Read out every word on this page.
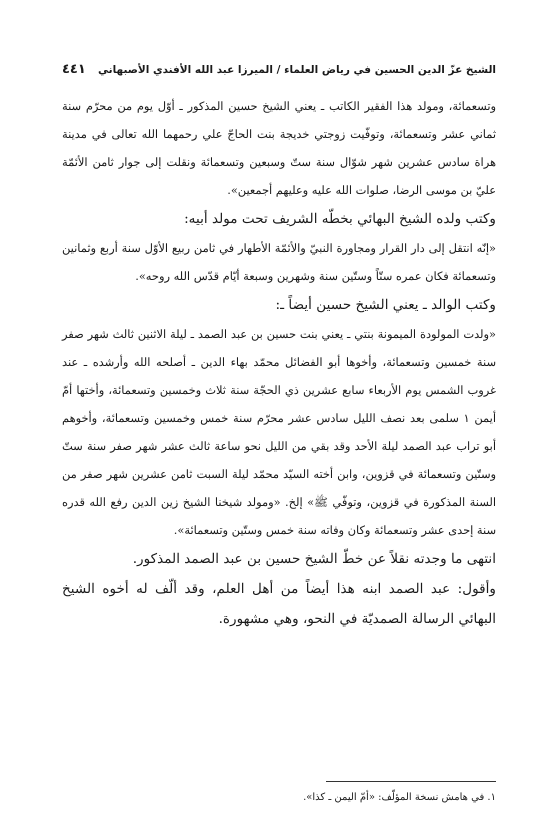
الشيخ عزّ الدين الحسين في رياض العلماء / الميرزا عبد الله الأفندي الأصبهاني
٤٤١

وتسعمائة، ومولد هذا الفقير الكاتب ـ يعني الشيخ حسين المذكور ـ أوّل يوم من محرّم سنة ثماني عشر وتسعمائة، وتوفّيت زوجتي خديجة بنت الحاجّ علي رحمهما الله تعالى في مدينة هراة سادس عشرين شهر شوّال سنة ستّ وسبعين وتسعمائة ونقلت إلى جوار ثامن الأئمّة عليّ بن موسى الرضا، صلوات الله عليه وعليهم أجمعين».

وكتب ولده الشيخ البهائي بخطّه الشريف تحت مولد أبيه:

«إنّه انتقل إلى دار القرار ومجاورة النبيّ والأئمّة الأطهار في ثامن ربيع الأوّل سنة أربع وثمانين وتسعمائة فكان عمره ستّاً وستّين سنة وشهرين وسبعة أيّام قدّس الله روحه».

وكتب الوالد ـ يعني الشيخ حسين أيضاً ـ:

«ولدت المولودة الميمونة بنتي ـ يعني بنت حسين بن عبد الصمد ـ ليلة الاثنين ثالث شهر صفر سنة خمسين وتسعمائة، وأخوها أبو الفضائل محمّد بهاء الدين ـ أصلحه الله وأرشده ـ عند غروب الشمس يوم الأربعاء سابع عشرين ذي الحجّة سنة ثلاث وخمسين وتسعمائة، وأختها أمّ أيمن ١ سلمى بعد نصف الليل سادس عشر محرّم سنة خمس وخمسين وتسعمائة، وأخوهم أبو تراب عبد الصمد ليلة الأحد وقد بقي من الليل نحو ساعة ثالث عشر شهر صفر سنة ستّ وستّين وتسعمائة في قزوين، وابن أخته السيّد محمّد ليلة السبت ثامن عشرين شهر صفر من السنة المذكورة في قزوين، وتوفّي ﷺ» إلخ. «ومولد شيخنا الشيخ زين الدين رفع الله قدره سنة إحدى عشر وتسعمائة وكان وفاته سنة خمس وستّين وتسعمائة».

انتهى ما وجدته نقلاً عن خطّ الشيخ حسين بن عبد الصمد المذكور.

وأقول: عبد الصمد ابنه هذا أيضاً من أهل العلم، وقد ألّف له أخوه الشيخ البهائي الرسالة الصمديّة في النحو، وهي مشهورة.

١. في هامش نسخة المؤلّف: «أمّ اليمن ـ كذا».
